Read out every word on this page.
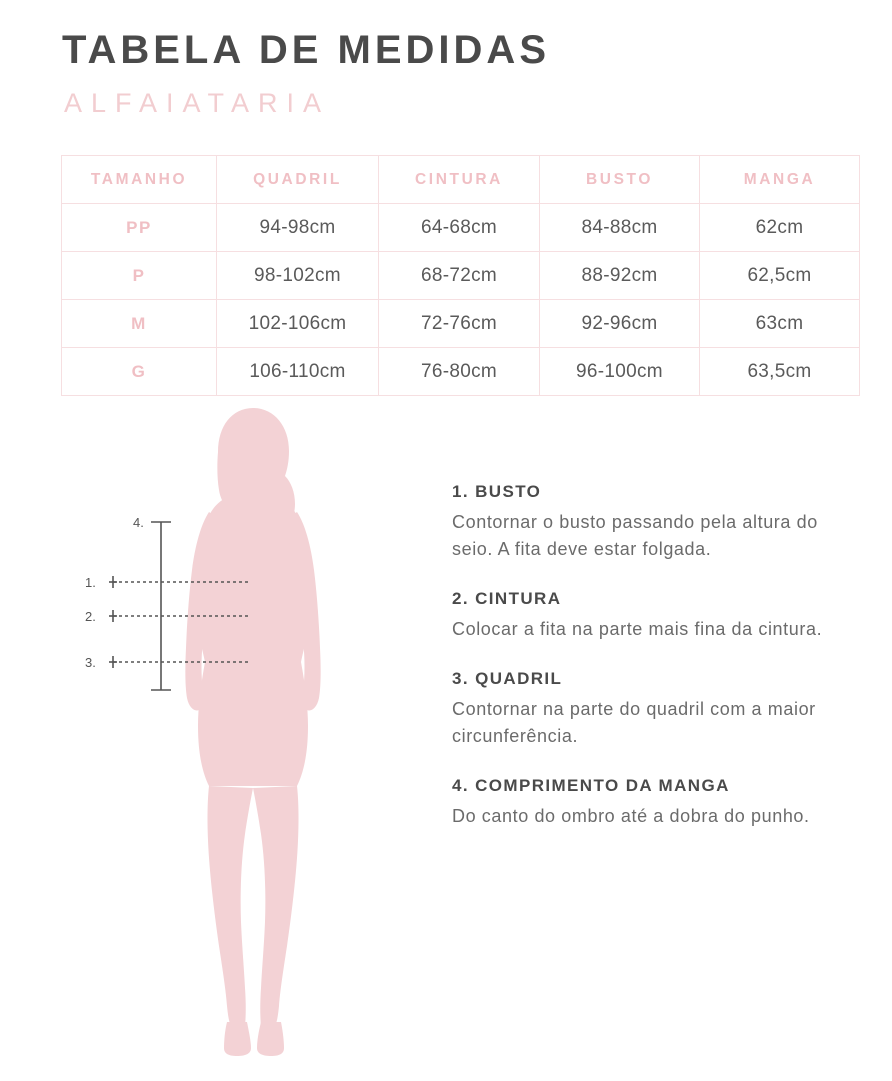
TABELA DE MEDIDAS
ALFAIATARIA
TAMANHO	QUADRIL	CINTURA	BUSTO	MANGA
PP	94-98cm	64-68cm	84-88cm	62cm
P	98-102cm	68-72cm	88-92cm	62,5cm
M	102-106cm	72-76cm	92-96cm	63cm
G	106-110cm	76-80cm	96-100cm	63,5cm
1.
2.
3.
4.
1. BUSTO
Contornar o busto passando pela altura do seio. A fita deve estar folgada.
2. CINTURA
Colocar a fita na parte mais fina da cintura.
3. QUADRIL
Contornar na parte do quadril com a maior circunferência.
4. COMPRIMENTO DA MANGA
Do canto do ombro até a dobra do punho.
